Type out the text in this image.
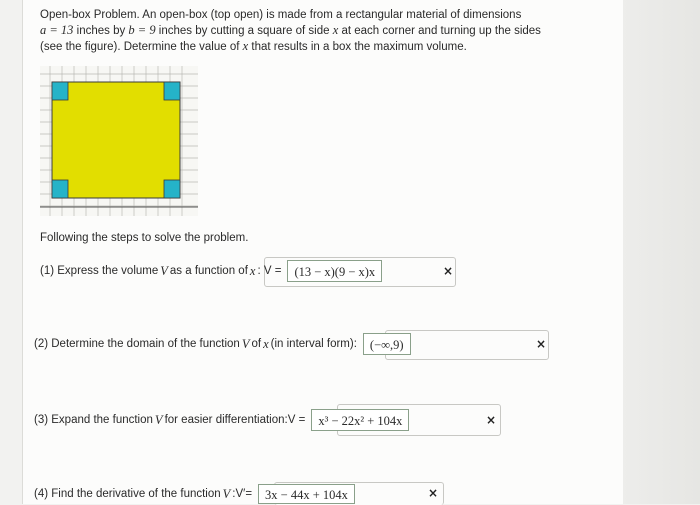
Open-box Problem. An open-box (top open) is made from a rectangular material of dimensions
a = 13 inches by b = 9 inches by cutting a square of side x at each corner and turning up the sides
(see the figure). Determine the value of x that results in a box the maximum volume.
Following the steps to solve the problem.
(1) Express the volume V as a function of x : V =	(13 − x)(9 − x)x	×
(2) Determine the domain of the function V of x (in interval form):	(−∞,9)	×
(3) Expand the function V for easier differentiation: V =	x³ − 22x² + 104x	×
(4) Find the derivative of the function V : V′=	3x − 44x + 104x	×
